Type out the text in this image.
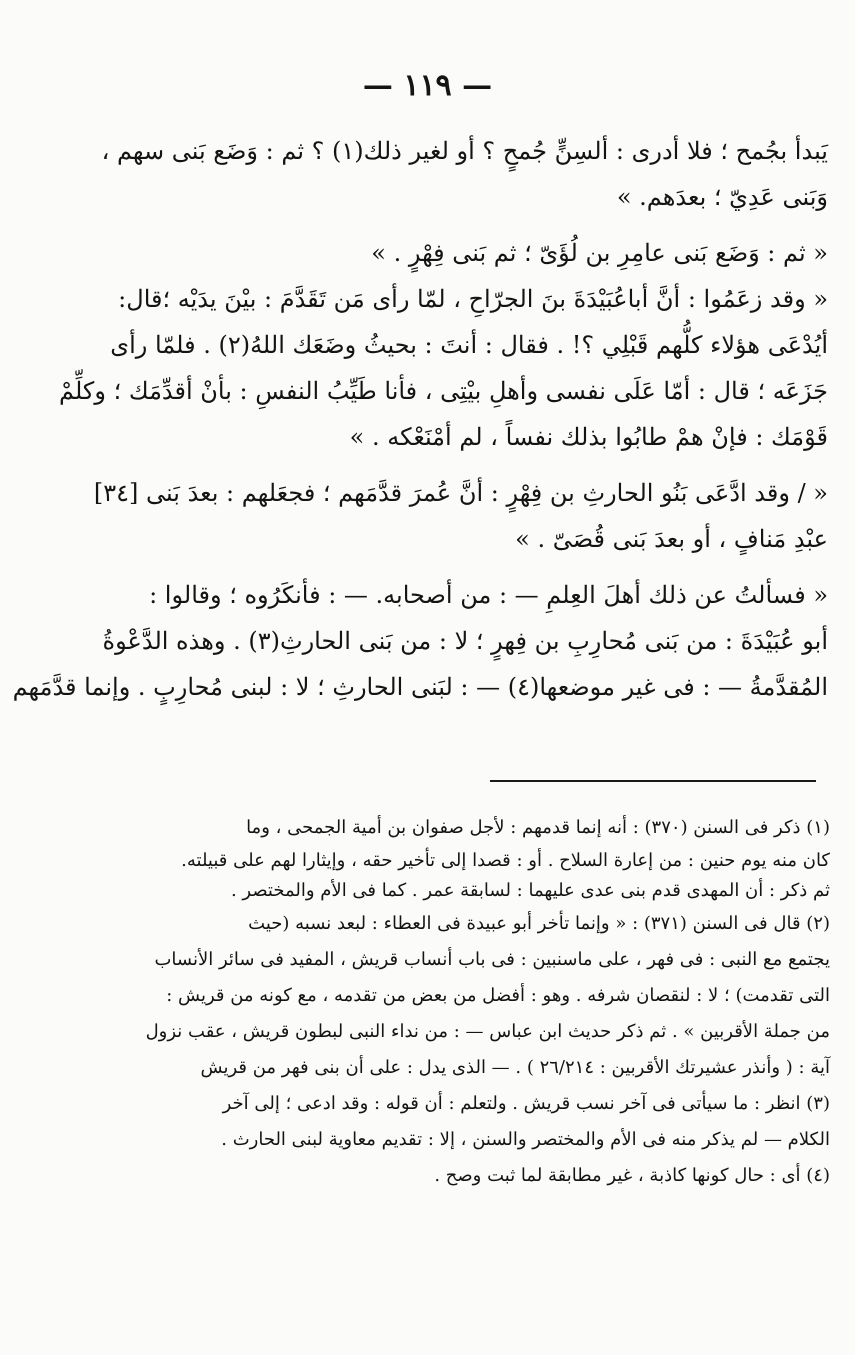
— ١١٩ —
يَبدأ بجُمح ؛ فلا أدرى : ألسِنٍّ جُمحٍ ؟ أو لغير ذلك(١) ؟ ثم : وَضَع بَنى سهم ،
وَبَنى عَدِيّ ؛ بعدَهم. »
« ثم : وَضَع بَنى عامِرِ بن لُؤَىّ ؛ ثم بَنى فِهْرٍ . »
« وقد زعَمُوا : أنَّ أباعُبَيْدَةَ بنَ الجرّاحِ ، لمّا رأى مَن تَقَدَّمَ : بيْنَ يدَيْه ؛قال:
أيُدْعَى هؤلاء كلُّهم قَبْلِي ؟! . فقال : أنتَ : بحيثُ وضَعَك اللهُ(٢) . فلمّا رأى
جَزَعَه ؛ قال : أمّا عَلَى نفسى وأهلِ بيْتِى ، فأنا طَيِّبُ النفسِ : بأنْ أقدِّمَك ؛ وكلِّمْ
قَوْمَك : فإنْ همْ طابُوا بذلك نفساً ، لم أمْنَعْكه . »
« / وقد ادَّعَى بَنُو الحارثِ بن فِهْرٍ : أنَّ عُمرَ قدَّمَهم ؛ فجعَلهم : بعدَ بَنى [٣٤]
عبْدِ مَنافٍ ، أو بعدَ بَنى قُصَىّ . »
« فسألتُ عن ذلك أهلَ العِلمِ — : من أصحابه. — : فأنكَرُوه ؛ وقالوا :
أبو عُبَيْدَةَ : من بَنى مُحارِبِ بن فِهرٍ ؛ لا : من بَنى الحارثِ(٣) . وهذه الدَّعْوةُ
المُقدَّمةُ — : فى غير موضعها(٤) — : لبَنى الحارثِ ؛ لا : لبنى مُحارِبٍ . وإنما قدَّمَهم
(١) ذكر فى السنن (٣٧٠) : أنه إنما قدمهم : لأجل صفوان بن أمية الجمحى ، وما
كان منه يوم حنين : من إعارة السلاح . أو : قصدا إلى تأخير حقه ، وإيثارا لهم على قبيلته.
ثم ذكر : أن المهدى قدم بنى عدى عليهما : لسابقة عمر . كما فى الأم والمختصر .
(٢) قال فى السنن (٣٧١) : « وإنما تأخر أبو عبيدة فى العطاء : لبعد نسبه (حيث
يجتمع مع النبى : فى فهر ، على ماسنبين : فى باب أنساب قريش ، المفيد فى سائر الأنساب
التى تقدمت) ؛ لا : لنقصان شرفه . وهو : أفضل من بعض من تقدمه ، مع كونه من قريش :
من جملة الأقربين » . ثم ذكر حديث ابن عباس — : من نداء النبى لبطون قريش ، عقب نزول
آية : ( وأنذر عشيرتك الأقربين : ٢٦/٢١٤ ) . — الذى يدل : على أن بنى فهر من قريش
(٣) انظر : ما سيأتى فى آخر نسب قريش . ولتعلم : أن قوله : وقد ادعى ؛ إلى آخر
الكلام — لم يذكر منه فى الأم والمختصر والسنن ، إلا : تقديم معاوية لبنى الحارث .
(٤) أى : حال كونها كاذبة ، غير مطابقة لما ثبت وصح .
